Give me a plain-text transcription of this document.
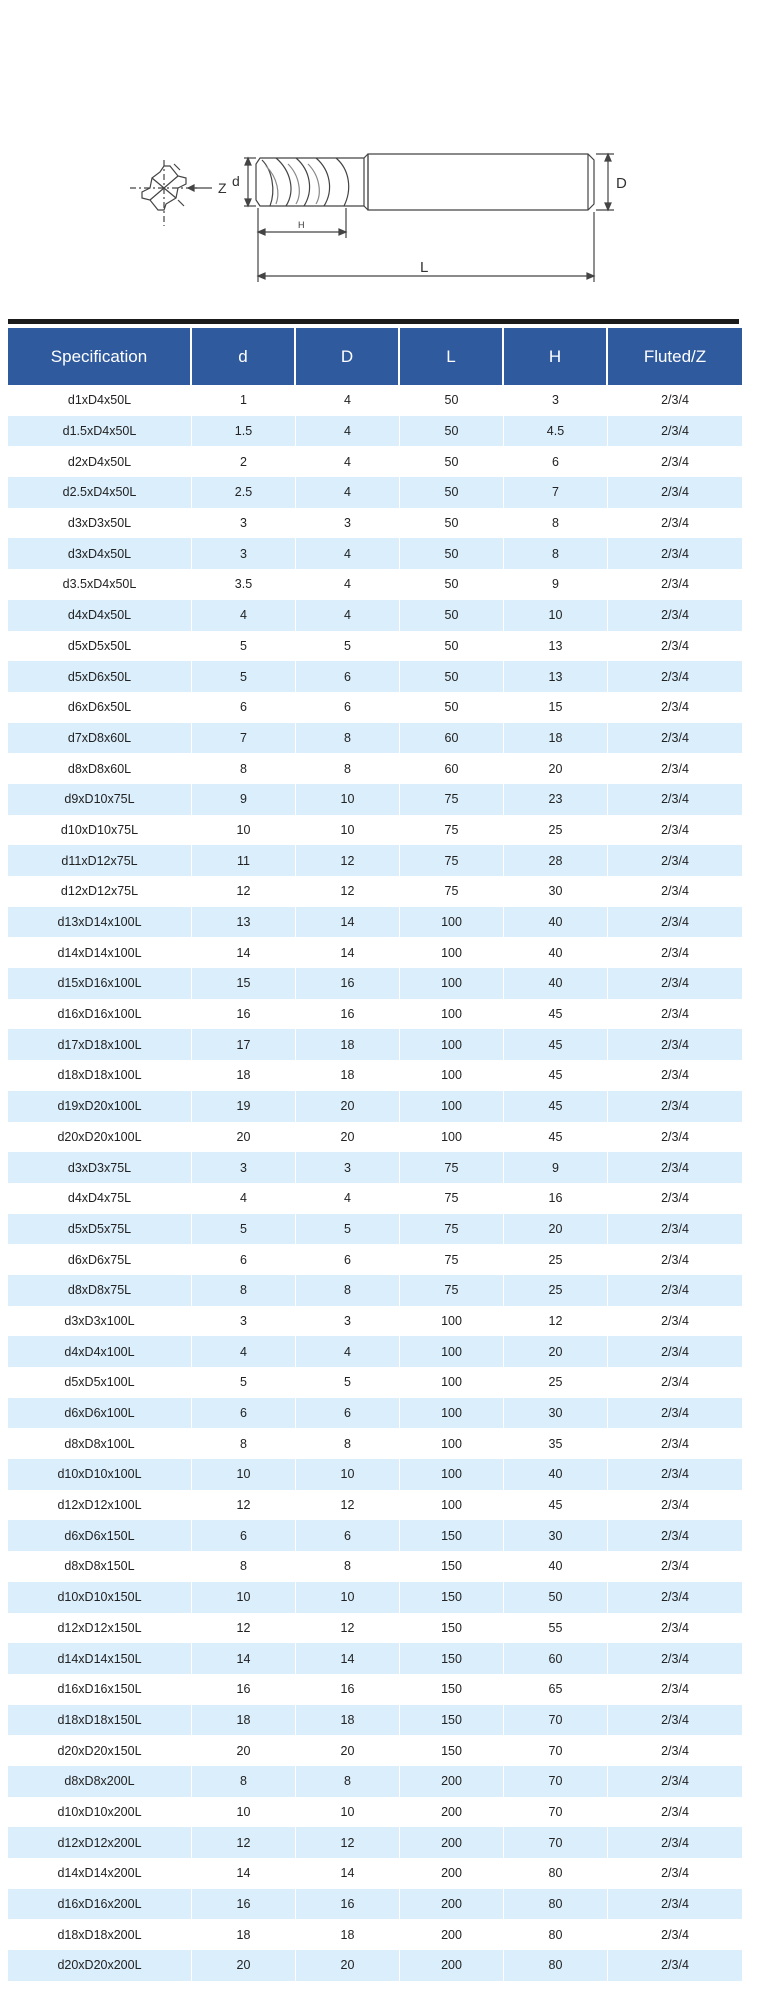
Z d	D
H
L
Specification	d	D	L	H	Fluted/Z
d1xD4x50L	1	4	50	3	2/3/4
d1.5xD4x50L	1.5	4	50	4.5	2/3/4
d2xD4x50L	2	4	50	6	2/3/4
d2.5xD4x50L	2.5	4	50	7	2/3/4
d3xD3x50L	3	3	50	8	2/3/4
d3xD4x50L	3	4	50	8	2/3/4
d3.5xD4x50L	3.5	4	50	9	2/3/4
d4xD4x50L	4	4	50	10	2/3/4
d5xD5x50L	5	5	50	13	2/3/4
d5xD6x50L	5	6	50	13	2/3/4
d6xD6x50L	6	6	50	15	2/3/4
d7xD8x60L	7	8	60	18	2/3/4
d8xD8x60L	8	8	60	20	2/3/4
d9xD10x75L	9	10	75	23	2/3/4
d10xD10x75L	10	10	75	25	2/3/4
d11xD12x75L	11	12	75	28	2/3/4
d12xD12x75L	12	12	75	30	2/3/4
d13xD14x100L	13	14	100	40	2/3/4
d14xD14x100L	14	14	100	40	2/3/4
d15xD16x100L	15	16	100	40	2/3/4
d16xD16x100L	16	16	100	45	2/3/4
d17xD18x100L	17	18	100	45	2/3/4
d18xD18x100L	18	18	100	45	2/3/4
d19xD20x100L	19	20	100	45	2/3/4
d20xD20x100L	20	20	100	45	2/3/4
d3xD3x75L	3	3	75	9	2/3/4
d4xD4x75L	4	4	75	16	2/3/4
d5xD5x75L	5	5	75	20	2/3/4
d6xD6x75L	6	6	75	25	2/3/4
d8xD8x75L	8	8	75	25	2/3/4
d3xD3x100L	3	3	100	12	2/3/4
d4xD4x100L	4	4	100	20	2/3/4
d5xD5x100L	5	5	100	25	2/3/4
d6xD6x100L	6	6	100	30	2/3/4
d8xD8x100L	8	8	100	35	2/3/4
d10xD10x100L	10	10	100	40	2/3/4
d12xD12x100L	12	12	100	45	2/3/4
d6xD6x150L	6	6	150	30	2/3/4
d8xD8x150L	8	8	150	40	2/3/4
d10xD10x150L	10	10	150	50	2/3/4
d12xD12x150L	12	12	150	55	2/3/4
d14xD14x150L	14	14	150	60	2/3/4
d16xD16x150L	16	16	150	65	2/3/4
d18xD18x150L	18	18	150	70	2/3/4
d20xD20x150L	20	20	150	70	2/3/4
d8xD8x200L	8	8	200	70	2/3/4
d10xD10x200L	10	10	200	70	2/3/4
d12xD12x200L	12	12	200	70	2/3/4
d14xD14x200L	14	14	200	80	2/3/4
d16xD16x200L	16	16	200	80	2/3/4
d18xD18x200L	18	18	200	80	2/3/4
d20xD20x200L	20	20	200	80	2/3/4
